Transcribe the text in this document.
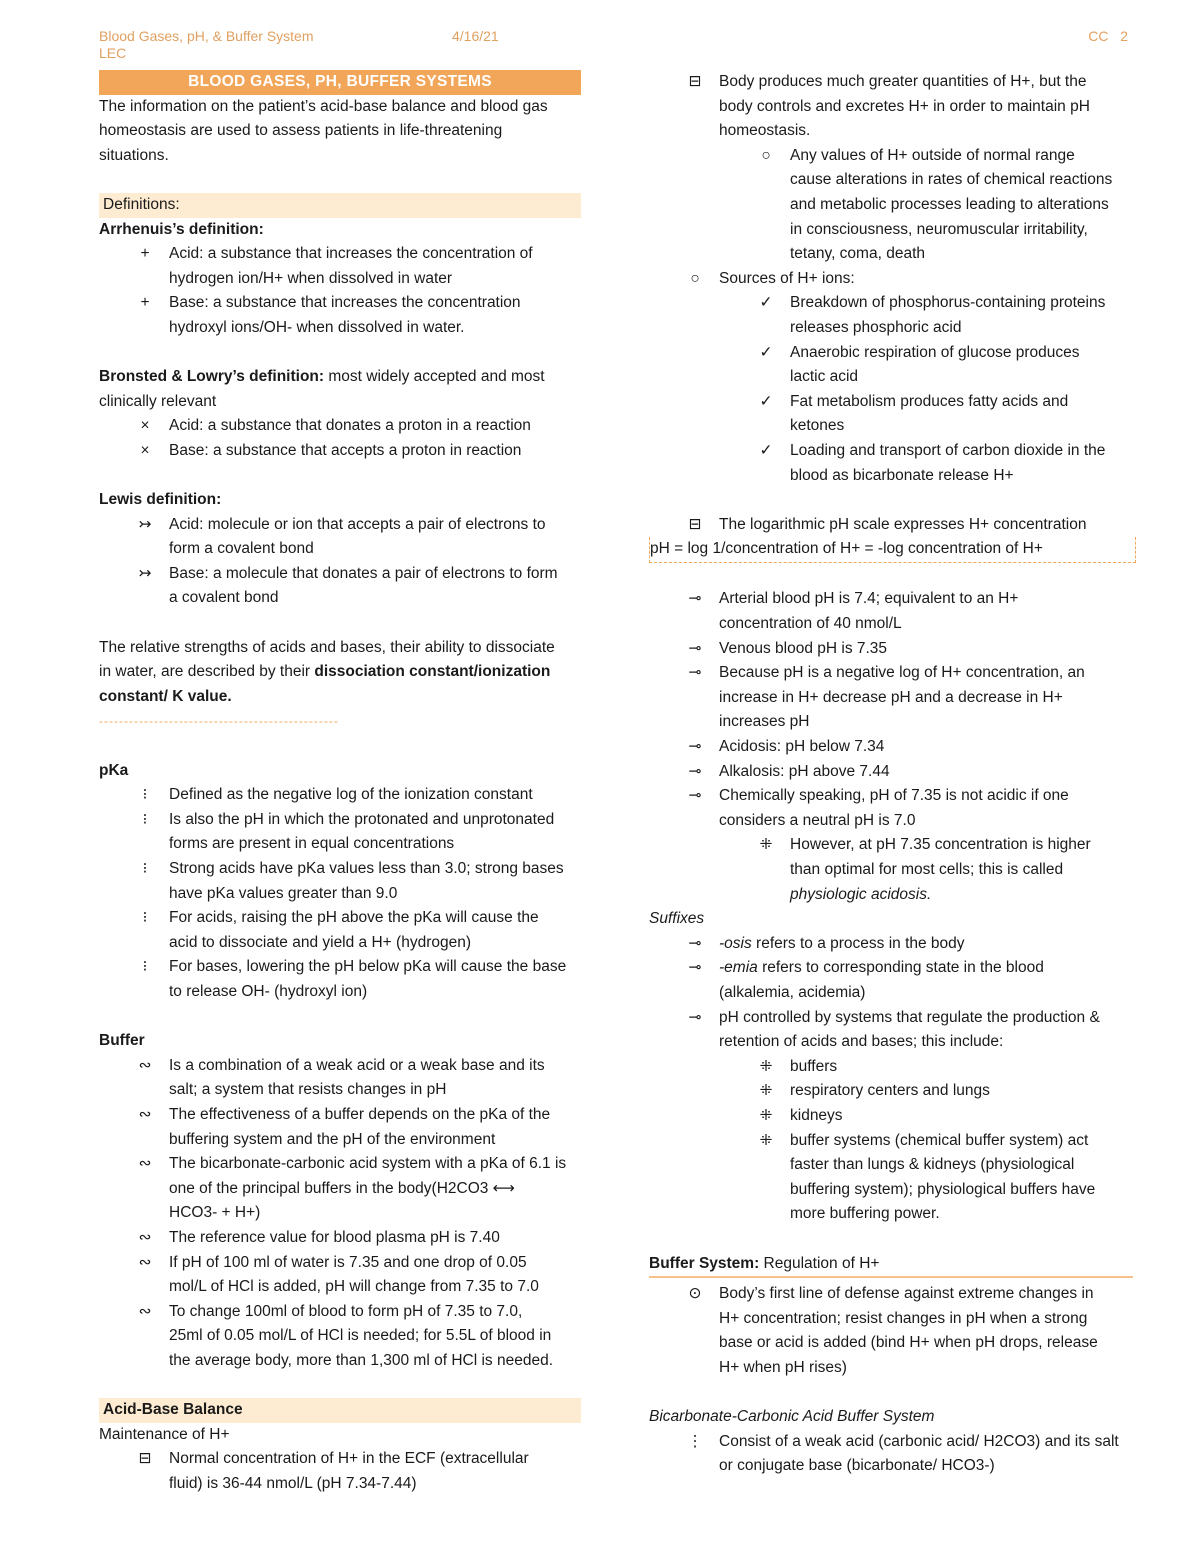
Blood Gases, pH, & Buffer System
LEC
4/16/21	CC 2
BLOOD GASES, PH, BUFFER SYSTEMS
The information on the patient’s acid-base balance and blood gas
homeostasis are used to assess patients in life-threatening
situations.
Definitions:
Arrhenuis’s definition:
+	Acid: a substance that increases the concentration of
hydrogen ion/H+ when dissolved in water
+	Base: a substance that increases the concentration
hydroxyl ions/OH- when dissolved in water.
Bronsted & Lowry’s definition: most widely accepted and most
clinically relevant
×	Acid: a substance that donates a proton in a reaction
×	Base: a substance that accepts a proton in reaction
Lewis definition:
↣	Acid: molecule or ion that accepts a pair of electrons to
form a covalent bond
↣	Base: a molecule that donates a pair of electrons to form
a covalent bond
The relative strengths of acids and bases, their ability to dissociate
in water, are described by their dissociation constant/ionization
constant/ K value.
------------------------------------------------
pKa
⁝	Defined as the negative log of the ionization constant
⁝	Is also the pH in which the protonated and unprotonated
forms are present in equal concentrations
⁝	Strong acids have pKa values less than 3.0; strong bases
have pKa values greater than 9.0
⁝	For acids, raising the pH above the pKa will cause the
acid to dissociate and yield a H+ (hydrogen)
⁝	For bases, lowering the pH below pKa will cause the base
to release OH- (hydroxyl ion)
Buffer
∾	Is a combination of a weak acid or a weak base and its
salt; a system that resists changes in pH
∾	The effectiveness of a buffer depends on the pKa of the
buffering system and the pH of the environment
∾	The bicarbonate-carbonic acid system with a pKa of 6.1 is
one of the principal buffers in the body(H2CO3 ⟷
HCO3- + H+)
∾	The reference value for blood plasma pH is 7.40
∾	If pH of 100 ml of water is 7.35 and one drop of 0.05
mol/L of HCl is added, pH will change from 7.35 to 7.0
∾	To change 100ml of blood to form pH of 7.35 to 7.0,
25ml of 0.05 mol/L of HCl is needed; for 5.5L of blood in
the average body, more than 1,300 ml of HCl is needed.
Acid-Base Balance
Maintenance of H+
⊟	Normal concentration of H+ in the ECF (extracellular
fluid) is 36-44 nmol/L (pH 7.34-7.44)
⊟	Body produces much greater quantities of H+, but the
body controls and excretes H+ in order to maintain pH
homeostasis.
○	Any values of H+ outside of normal range
cause alterations in rates of chemical reactions
and metabolic processes leading to alterations
in consciousness, neuromuscular irritability,
tetany, coma, death
○	Sources of H+ ions:
✓	Breakdown of phosphorus-containing proteins
releases phosphoric acid
✓	Anaerobic respiration of glucose produces
lactic acid
✓	Fat metabolism produces fatty acids and
ketones
✓	Loading and transport of carbon dioxide in the
blood as bicarbonate release H+
⊟	The logarithmic pH scale expresses H+ concentration
pH = log 1/concentration of H+ = -log concentration of H+
⊸	Arterial blood pH is 7.4; equivalent to an H+
concentration of 40 nmol/L
⊸	Venous blood pH is 7.35
⊸	Because pH is a negative log of H+ concentration, an
increase in H+ decrease pH and a decrease in H+
increases pH
⊸	Acidosis: pH below 7.34
⊸	Alkalosis: pH above 7.44
⊸	Chemically speaking, pH of 7.35 is not acidic if one
considers a neutral pH is 7.0
⁜	However, at pH 7.35 concentration is higher
than optimal for most cells; this is called
physiologic acidosis.
Suffixes
⊸	-osis refers to a process in the body
⊸	-emia refers to corresponding state in the blood
(alkalemia, acidemia)
⊸	pH controlled by systems that regulate the production &
retention of acids and bases; this include:
⁜	buffers
⁜	respiratory centers and lungs
⁜	kidneys
⁜	buffer systems (chemical buffer system) act
faster than lungs & kidneys (physiological
buffering system); physiological buffers have
more buffering power.
Buffer System: Regulation of H+
⊙	Body’s first line of defense against extreme changes in
H+ concentration; resist changes in pH when a strong
base or acid is added (bind H+ when pH drops, release
H+ when pH rises)
Bicarbonate-Carbonic Acid Buffer System
⋮ Consist of a weak acid (carbonic acid/ H2CO3) and its salt
or conjugate base (bicarbonate/ HCO3-)
